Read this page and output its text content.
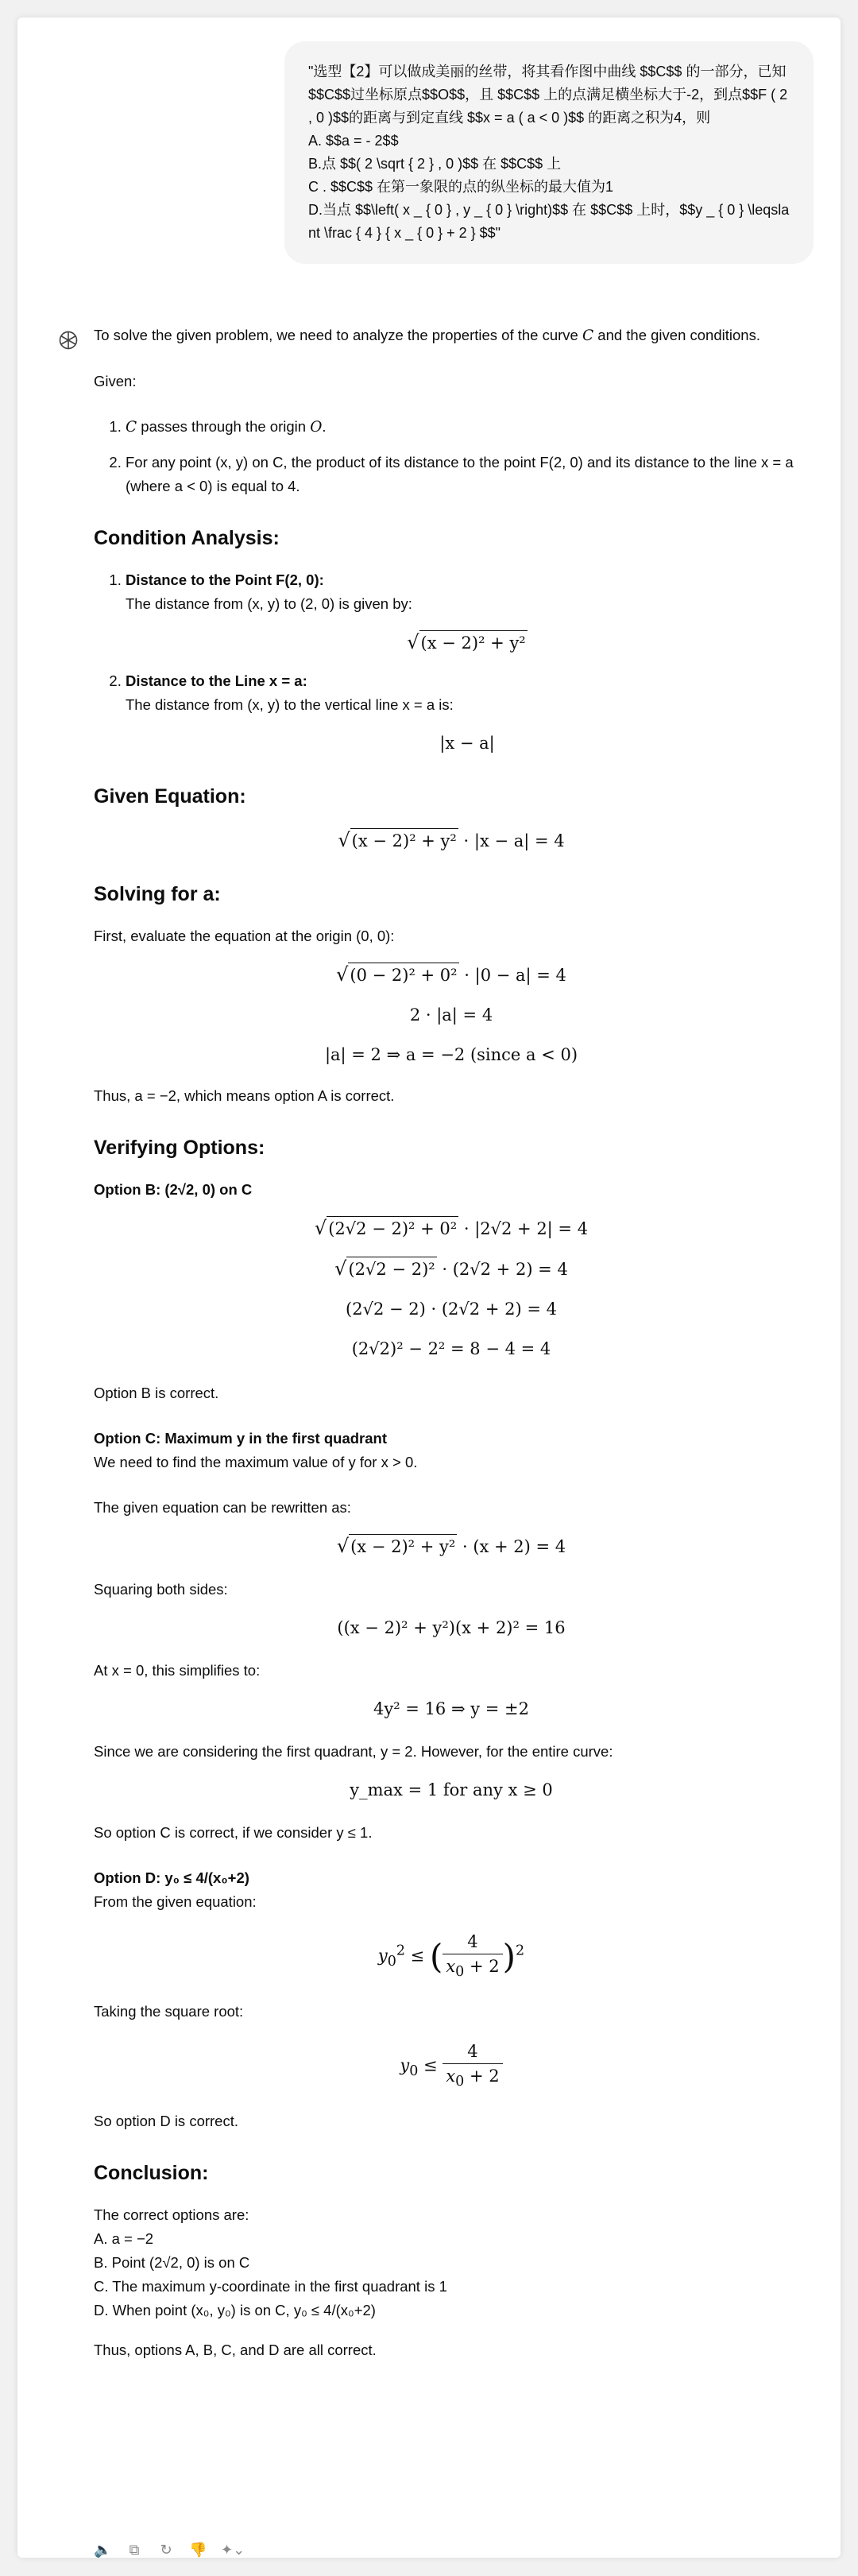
"选型【2】可以做成美丽的丝带，将其看作图中曲线 $$C$$ 的一部分，已知$$C$$过坐标原点$$O$$，且 $$C$$ 上的点满足横坐标大于-2，到点$$F ( 2 , 0 )$$的距离与到定直线 $$x = a ( a < 0 )$$ 的距离之积为4，则
A. $$a = - 2$$
B.点 $$( 2 \sqrt { 2 } , 0 )$$ 在 $$C$$ 上
C . $$C$$ 在第一象限的点的纵坐标的最大值为1
D.当点 $$\left( x _ { 0 } , y _ { 0 } \right)$$ 在 $$C$$ 上时，$$y _ { 0 } \leqslant \frac { 4 } { x _ { 0 } + 2 } $$"

To solve the given problem, we need to analyze the properties of the curve C and the given conditions.

Given:

1. C passes through the origin O.
2. For any point (x, y) on C, the product of its distance to the point F(2, 0) and its distance to the line x = a (where a < 0) is equal to 4.
Condition Analysis:
1. Distance to the Point F(2, 0):
The distance from (x, y) to (2, 0) is given by:
√(x − 2)² + y²
2. Distance to the Line x = a:
The distance from (x, y) to the vertical line x = a is:
|x − a|
Given Equation:
√(x − 2)² + y² · |x − a| = 4
Solving for a:

First, evaluate the equation at the origin (0, 0):

√(0 − 2)² + 0² · |0 − a| = 4
2 · |a| = 4
|a| = 2 ⇒ a = −2 (since a < 0)

Thus, a = −2, which means option A is correct.

Verifying Options:

Option B: (2√2, 0) on C

√(2√2 − 2)² + 0² · |2√2 + 2| = 4
√(2√2 − 2)² · (2√2 + 2) = 4
(2√2 − 2) · (2√2 + 2) = 4
(2√2)² − 2² = 8 − 4 = 4

Option B is correct.

Option C: Maximum y in the first quadrant

We need to find the maximum value of y for x > 0.

The given equation can be rewritten as:

√(x − 2)² + y² · (x + 2) = 4

Squaring both sides:

((x − 2)² + y²)(x + 2)² = 16

At x = 0, this simplifies to:

4y² = 16 ⇒ y = ±2

Since we are considering the first quadrant, y = 2. However, for the entire curve:

y_max = 1 for any x ≥ 0

So option C is correct, if we consider y ≤ 1.

Option D: y₀ ≤ 4/(x₀+2)

From the given equation:

$y_0^2$ ≤ ( $\frac{4}{x_0 + 2} )^2$

Taking the square root:

$y_0 \le \frac{4}{x_0 + 2}$

So option D is correct.

Conclusion:
The correct options are:
A. a = −2
B. Point (2√2, 0) is on C
C. The maximum y-coordinate in the first quadrant is 1
D. When point (x₀, y₀) is on C, y₀ ≤ 4/(x₀+2)

Thus, options A, B, C, and D are all correct.

🔈 ⧉ ↻ 👎 ✦⌄
